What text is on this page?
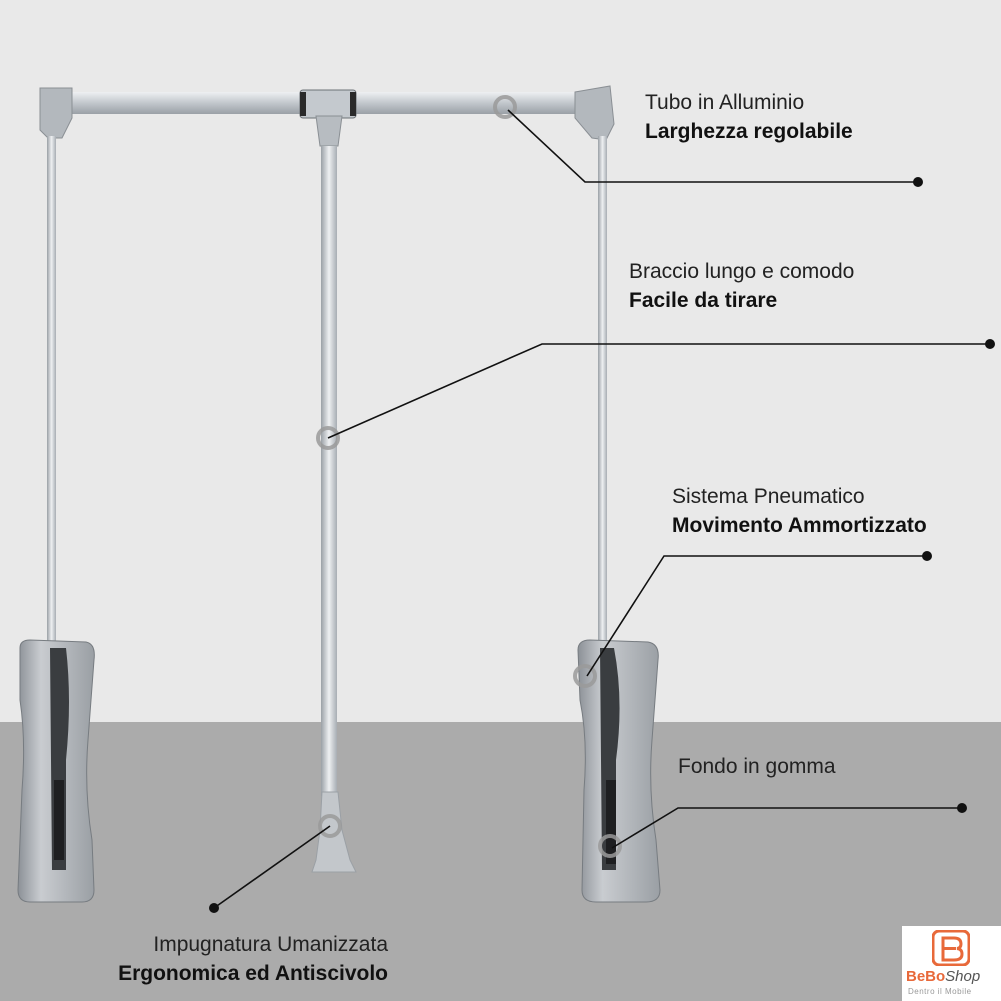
Tubo in Alluminio
Larghezza regolabile
Braccio lungo e comodo
Facile da tirare
Sistema Pneumatico
Movimento Ammortizzato
Fondo in gomma
Impugnatura Umanizzata
Ergonomica ed Antiscivolo	BeBoShop
Dentro il Mobile
